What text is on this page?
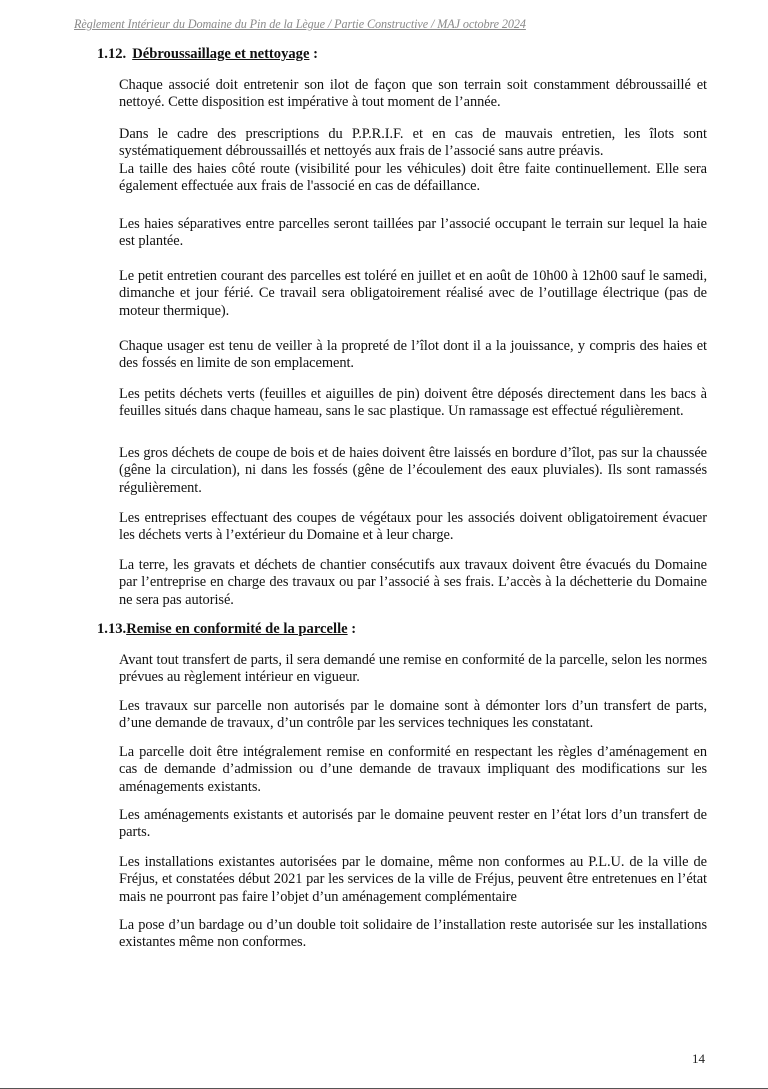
Règlement Intérieur du Domaine du Pin de la Lègue / Partie Constructive / MAJ octobre 2024
1.12. Débroussaillage et nettoyage :
Chaque associé doit entretenir son ilot de façon que son terrain soit constamment débroussaillé et nettoyé. Cette disposition est impérative à tout moment de l’année.
Dans le cadre des prescriptions du P.P.R.I.F. et en cas de mauvais entretien, les îlots sont systématiquement débroussaillés et nettoyés aux frais de l’associé sans autre préavis.
La taille des haies côté route (visibilité pour les véhicules) doit être faite continuellement. Elle sera également effectuée aux frais de l'associé en cas de défaillance.
Les haies séparatives entre parcelles seront taillées par l’associé occupant le terrain sur lequel la haie est plantée.
Le petit entretien courant des parcelles est toléré en juillet et en août de 10h00 à 12h00 sauf le samedi, dimanche et jour férié. Ce travail sera obligatoirement réalisé avec de l’outillage électrique (pas de moteur thermique).
Chaque usager est tenu de veiller à la propreté de l’îlot dont il a la jouissance, y compris des haies et des fossés en limite de son emplacement.
Les petits déchets verts (feuilles et aiguilles de pin) doivent être déposés directement dans les bacs à feuilles situés dans chaque hameau, sans le sac plastique. Un ramassage est effectué régulièrement.
Les gros déchets de coupe de bois et de haies doivent être laissés en bordure d’îlot, pas sur la chaussée (gêne la circulation), ni dans les fossés (gêne de l’écoulement des eaux pluviales). Ils sont ramassés régulièrement.
Les entreprises effectuant des coupes de végétaux pour les associés doivent obligatoirement évacuer les déchets verts à l’extérieur du Domaine et à leur charge.
La terre, les gravats et déchets de chantier consécutifs aux travaux doivent être évacués du Domaine par l’entreprise en charge des travaux ou par l’associé à ses frais. L’accès à la déchetterie du Domaine ne sera pas autorisé.
1.13.Remise en conformité de la parcelle :
Avant tout transfert de parts, il sera demandé une remise en conformité de la parcelle, selon les normes prévues au règlement intérieur en vigueur.
Les travaux sur parcelle non autorisés par le domaine sont à démonter lors d’un transfert de parts, d’une demande de travaux, d’un contrôle par les services techniques les constatant.
La parcelle doit être intégralement remise en conformité en respectant les règles d’aménagement en cas de demande d’admission ou d’une demande de travaux impliquant des modifications sur les aménagements existants.
Les aménagements existants et autorisés par le domaine peuvent rester en l’état lors d’un transfert de parts.
Les installations existantes autorisées par le domaine, même non conformes au P.L.U. de la ville de Fréjus, et constatées début 2021 par les services de la ville de Fréjus, peuvent être entretenues en l’état mais ne pourront pas faire l’objet d’un aménagement complémentaire
La pose d’un bardage ou d’un double toit solidaire de l’installation reste autorisée sur les installations existantes même non conformes.
14
